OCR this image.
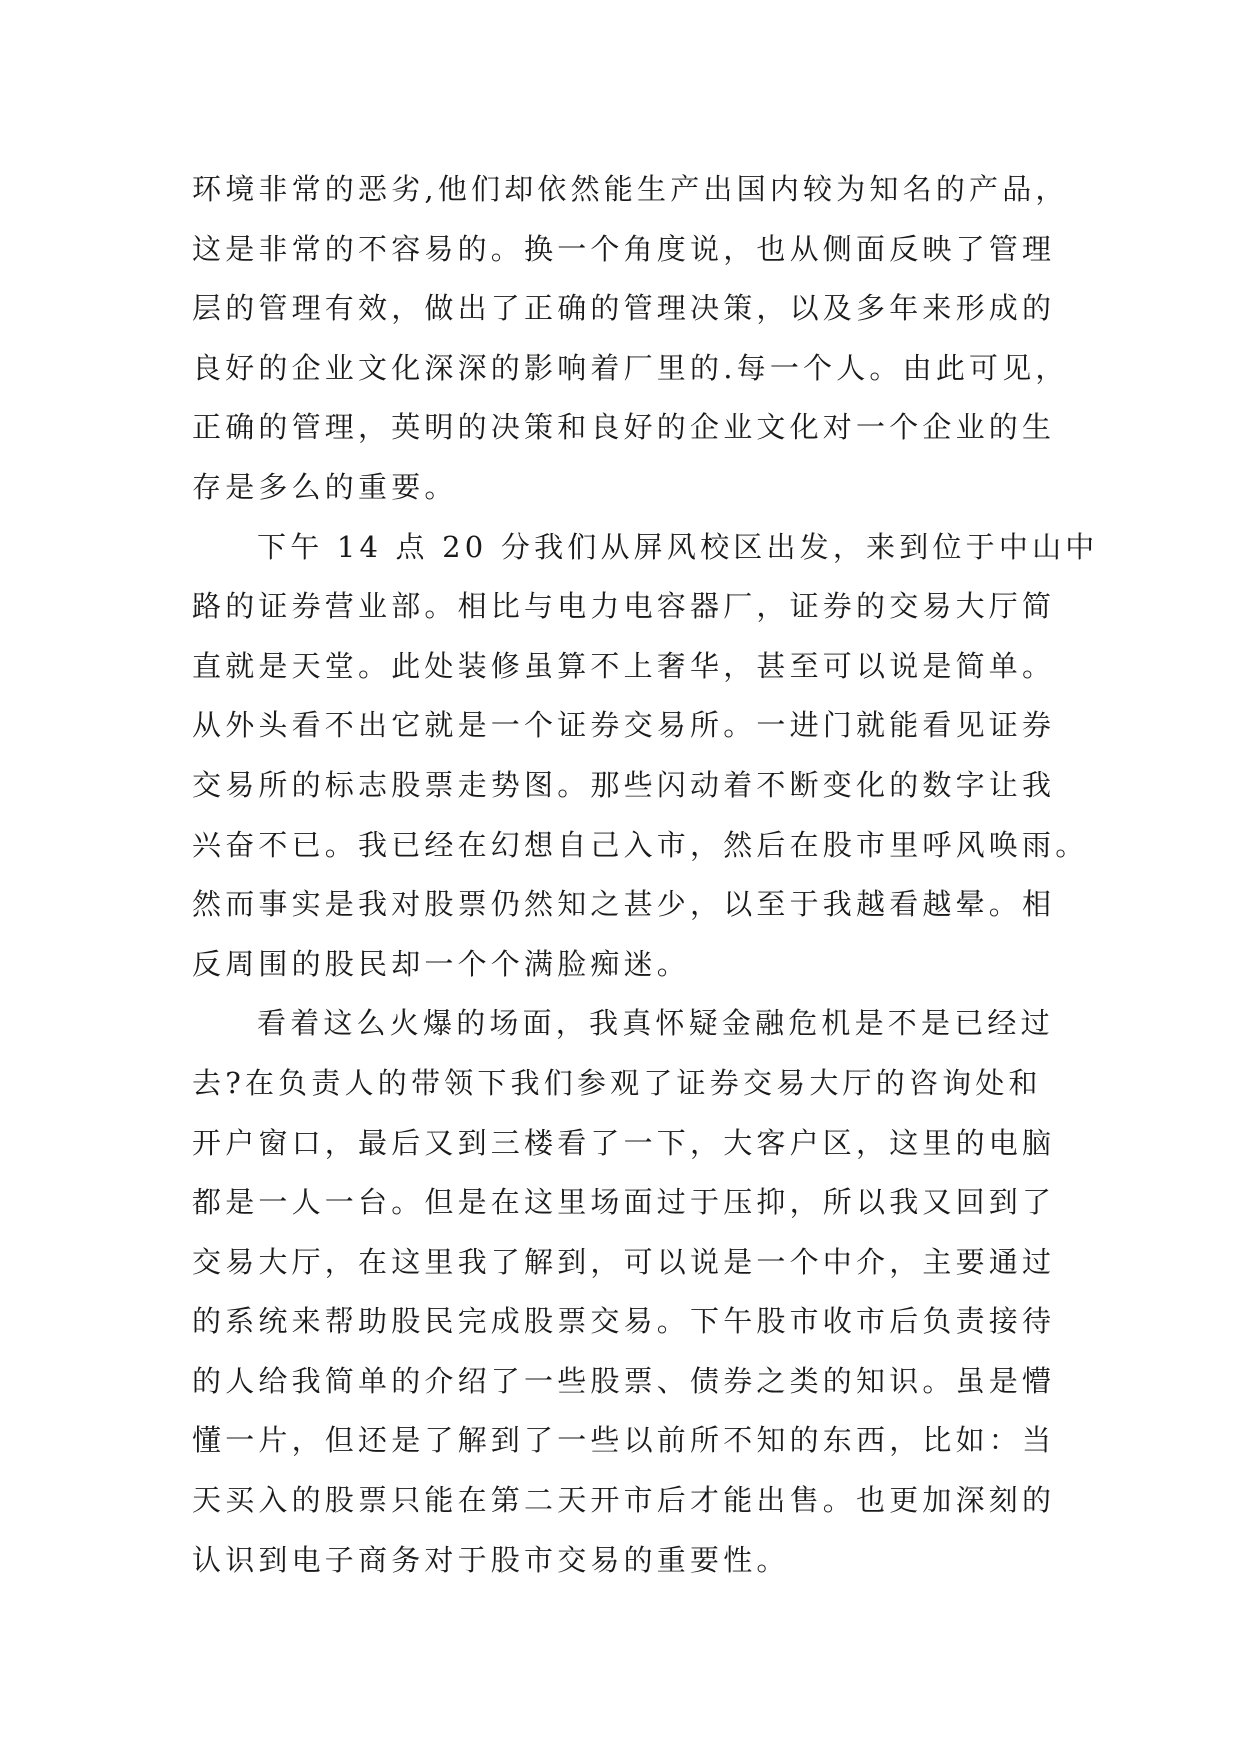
环境非常的恶劣,他们却依然能生产出国内较为知名的产品，
这是非常的不容易的。换一个角度说，也从侧面反映了管理
层的管理有效，做出了正确的管理决策，以及多年来形成的
良好的企业文化深深的影响着厂里的.每一个人。由此可见，
正确的管理，英明的决策和良好的企业文化对一个企业的生
存是多么的重要。
下午 14 点 20 分我们从屏风校区出发，来到位于中山中
路的证券营业部。相比与电力电容器厂，证券的交易大厅简
直就是天堂。此处装修虽算不上奢华，甚至可以说是简单。
从外头看不出它就是一个证券交易所。一进门就能看见证券
交易所的标志股票走势图。那些闪动着不断变化的数字让我
兴奋不已。我已经在幻想自己入市，然后在股市里呼风唤雨。
然而事实是我对股票仍然知之甚少，以至于我越看越晕。相
反周围的股民却一个个满脸痴迷。
看着这么火爆的场面，我真怀疑金融危机是不是已经过
去?在负责人的带领下我们参观了证券交易大厅的咨询处和
开户窗口，最后又到三楼看了一下，大客户区，这里的电脑
都是一人一台。但是在这里场面过于压抑，所以我又回到了
交易大厅，在这里我了解到，可以说是一个中介，主要通过
的系统来帮助股民完成股票交易。下午股市收市后负责接待
的人给我简单的介绍了一些股票、债券之类的知识。虽是懵
懂一片，但还是了解到了一些以前所不知的东西，比如：当
天买入的股票只能在第二天开市后才能出售。也更加深刻的
认识到电子商务对于股市交易的重要性。
